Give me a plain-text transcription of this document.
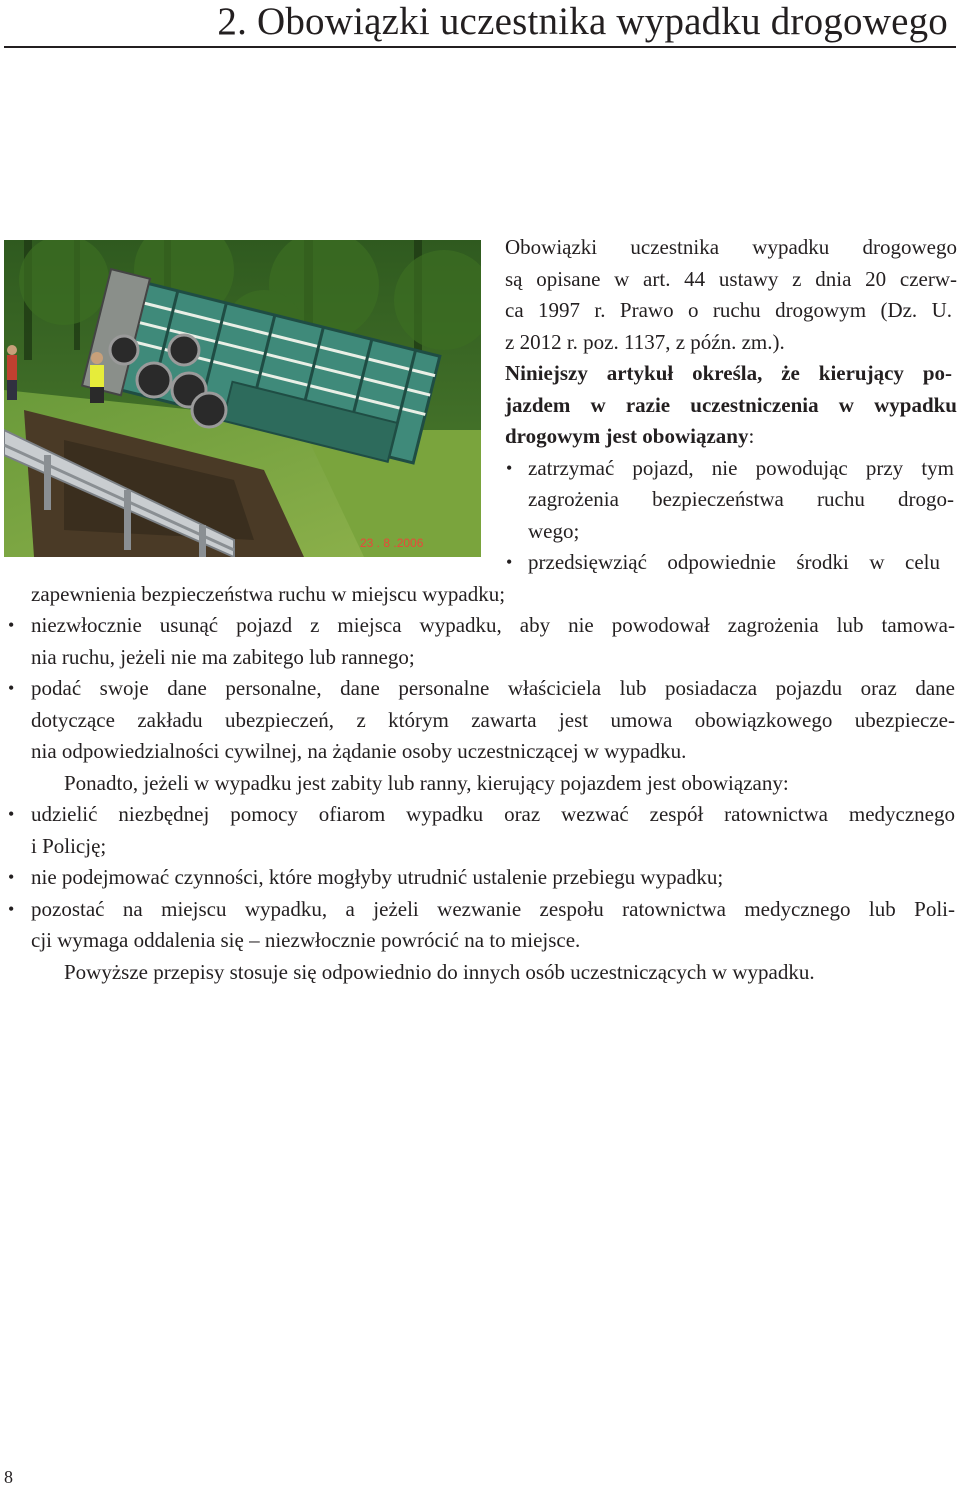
2. Obowiązki uczestnika wypadku drogowego
23 . 8 .2006
Obowiązki uczestnika wypadku drogowego
są opisane w art. 44 ustawy z dnia 20 czerw-
ca 1997 r. Prawo o ruchu drogowym (Dz. U.
z 2012 r. poz. 1137, z późn. zm.).
Niniejszy artykuł określa, że kierujący po-
jazdem w razie uczestniczenia w wypadku
drogowym jest obowiązany:
• zatrzymać pojazd, nie powodując przy tym
zagrożenia bezpieczeństwa ruchu drogo-
wego;
• przedsięwziąć odpowiednie środki w celu
zapewnienia bezpieczeństwa ruchu w miejscu wypadku;
• niezwłocznie usunąć pojazd z miejsca wypadku, aby nie powodował zagrożenia lub tamowa-
nia ruchu, jeżeli nie ma zabitego lub rannego;
• podać swoje dane personalne, dane personalne właściciela lub posiadacza pojazdu oraz dane
dotyczące zakładu ubezpieczeń, z którym zawarta jest umowa obowiązkowego ubezpiecze-
nia odpowiedzialności cywilnej, na żądanie osoby uczestniczącej w wypadku.
Ponadto, jeżeli w wypadku jest zabity lub ranny, kierujący pojazdem jest obowiązany:
• udzielić niezbędnej pomocy ofiarom wypadku oraz wezwać zespół ratownictwa medycznego
i Policję;
• nie podejmować czynności, które mogłyby utrudnić ustalenie przebiegu wypadku;
• pozostać na miejscu wypadku, a jeżeli wezwanie zespołu ratownictwa medycznego lub Poli-
cji wymaga oddalenia się – niezwłocznie powrócić na to miejsce.
Powyższe przepisy stosuje się odpowiednio do innych osób uczestniczących w wypadku.
8
